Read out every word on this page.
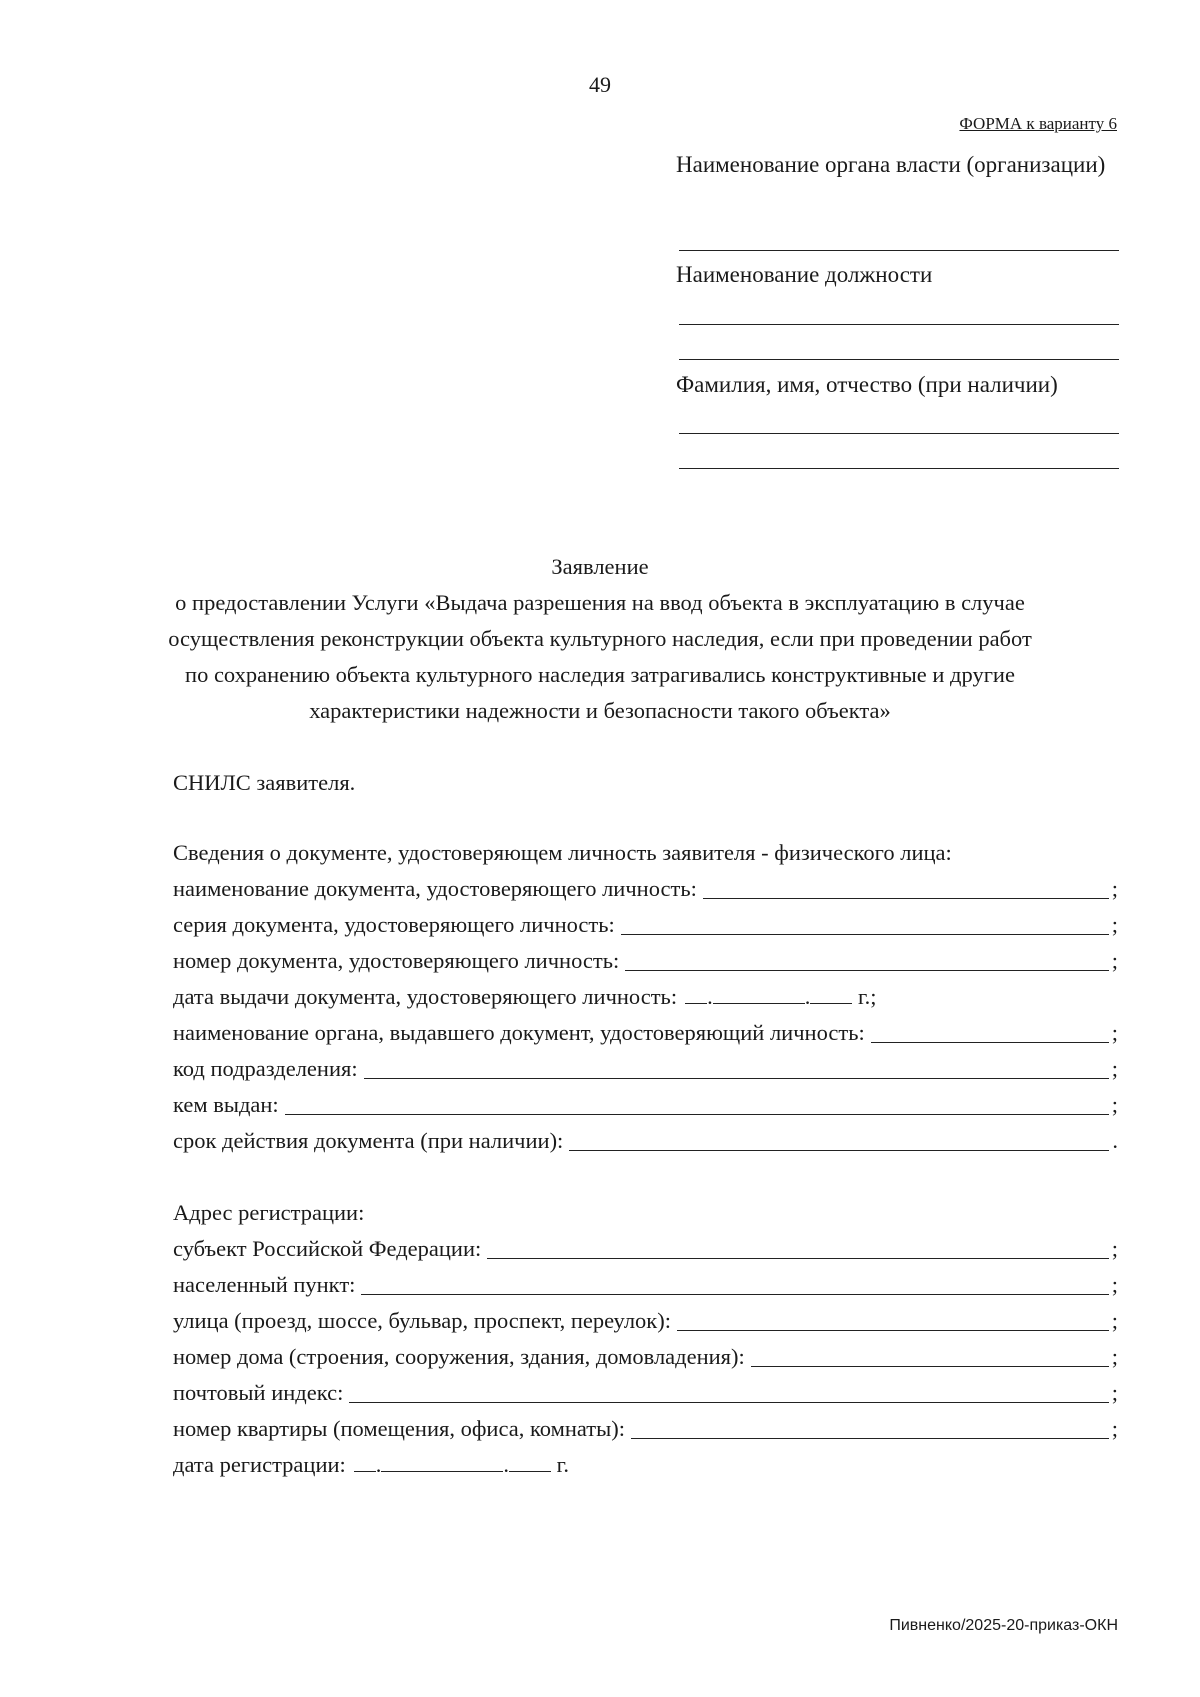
49
ФОРМА к варианту 6
Наименование органа власти (организации)
Наименование должности
Фамилия, имя, отчество (при наличии)
Заявление
о предоставлении Услуги «Выдача разрешения на ввод объекта в эксплуатацию в случае
осуществления реконструкции объекта культурного наследия, если при проведении работ
по сохранению объекта культурного наследия затрагивались конструктивные и другие
характеристики надежности и безопасности такого объекта»
СНИЛС заявителя.
Сведения о документе, удостоверяющем личность заявителя - физического лица:
наименование документа, удостоверяющего личность:	;
серия документа, удостоверяющего личность:	;
номер документа, удостоверяющего личность:	;
дата выдачи документа, удостоверяющего личность:	.	. г.;
наименование органа, выдавшего документ, удостоверяющий личность:	;
код подразделения:	;
кем выдан:	;
срок действия документа (при наличии):	.
Адрес регистрации:
субъект Российской Федерации:	;
населенный пункт:	;
улица (проезд, шоссе, бульвар, проспект, переулок):	;
номер дома (строения, сооружения, здания, домовладения):	;
почтовый индекс:	;
номер квартиры (помещения, офиса, комнаты):	;
дата регистрации:	.	. г.
Пивненко/2025-20-приказ-ОКН
